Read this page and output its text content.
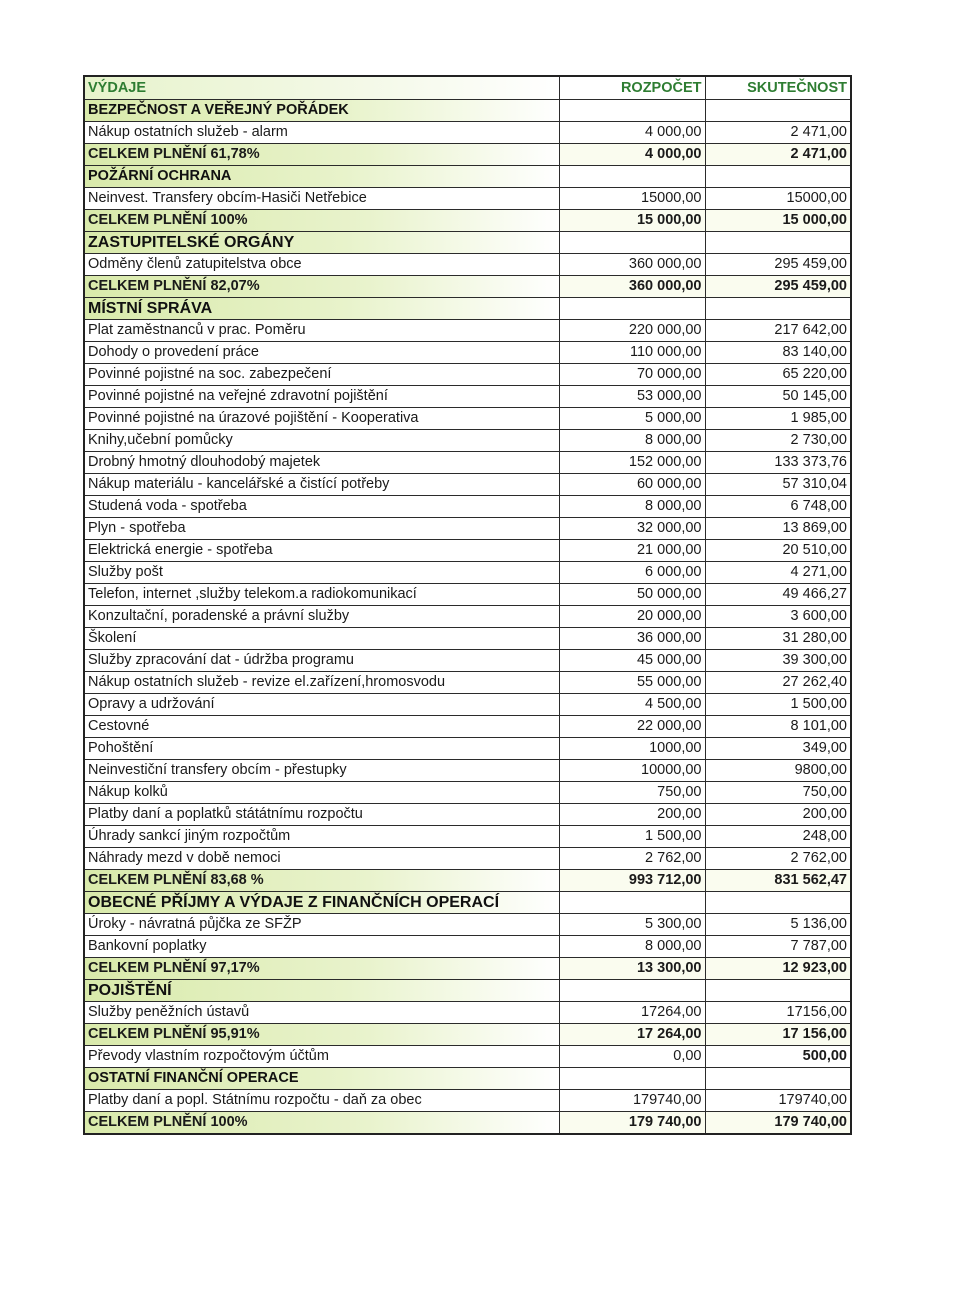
VÝDAJE	ROZPOČET	SKUTEČNOST
BEZPEČNOST A VEŘEJNÝ POŘÁDEK		
Nákup ostatních služeb - alarm	4 000,00	2 471,00
CELKEM PLNĚNÍ 61,78%	4 000,00	2 471,00
POŽÁRNÍ OCHRANA		
Neinvest. Transfery obcím-Hasiči Netřebice	15000,00	15000,00
CELKEM PLNĚNÍ 100%	15 000,00	15 000,00
ZASTUPITELSKÉ ORGÁNY		
Odměny členů zatupitelstva obce	360 000,00	295 459,00
CELKEM PLNĚNÍ 82,07%	360 000,00	295 459,00
MÍSTNÍ SPRÁVA		
Plat zaměstnanců v prac. Poměru	220 000,00	217 642,00
Dohody o provedení práce	110 000,00	83 140,00
Povinné pojistné na soc. zabezpečení	70 000,00	65 220,00
Povinné pojistné na veřejné zdravotní pojištění	53 000,00	50 145,00
Povinné pojistné na úrazové pojištění - Kooperativa	5 000,00	1 985,00
Knihy,učební pomůcky	8 000,00	2 730,00
Drobný hmotný dlouhodobý majetek	152 000,00	133 373,76
Nákup materiálu - kancelářské a čistící potřeby	60 000,00	57 310,04
Studená voda - spotřeba	8 000,00	6 748,00
Plyn - spotřeba	32 000,00	13 869,00
Elektrická energie - spotřeba	21 000,00	20 510,00
Služby pošt	6 000,00	4 271,00
Telefon, internet ,služby telekom.a radiokomunikací	50 000,00	49 466,27
Konzultační, poradenské a právní služby	20 000,00	3 600,00
Školení	36 000,00	31 280,00
Služby zpracování dat - údržba programu	45 000,00	39 300,00
Nákup ostatních služeb - revize el.zařízení,hromosvodu	55 000,00	27 262,40
Opravy a udržování	4 500,00	1 500,00
Cestovné	22 000,00	8 101,00
Pohoštění	1000,00	349,00
Neinvestiční transfery obcím - přestupky	10000,00	9800,00
Nákup kolků	750,00	750,00
Platby daní a poplatků státátnímu rozpočtu	200,00	200,00
Úhrady sankcí jiným rozpočtům	1 500,00	248,00
Náhrady mezd v době nemoci	2 762,00	2 762,00
CELKEM PLNĚNÍ 83,68 %	993 712,00	831 562,47
OBECNÉ PŘÍJMY A VÝDAJE Z FINANČNÍCH OPERACÍ		
Úroky - návratná půjčka ze SFŽP	5 300,00	5 136,00
Bankovní poplatky	8 000,00	7 787,00
CELKEM PLNĚNÍ 97,17%	13 300,00	12 923,00
POJIŠTĚNÍ		
Služby peněžních ústavů	17264,00	17156,00
CELKEM PLNĚNÍ 95,91%	17 264,00	17 156,00
Převody vlastním rozpočtovým účtům	0,00	500,00
OSTATNÍ FINANČNÍ OPERACE		
Platby daní a popl. Státnímu rozpočtu - daň za obec	179740,00	179740,00
CELKEM PLNĚNÍ 100%	179 740,00	179 740,00
